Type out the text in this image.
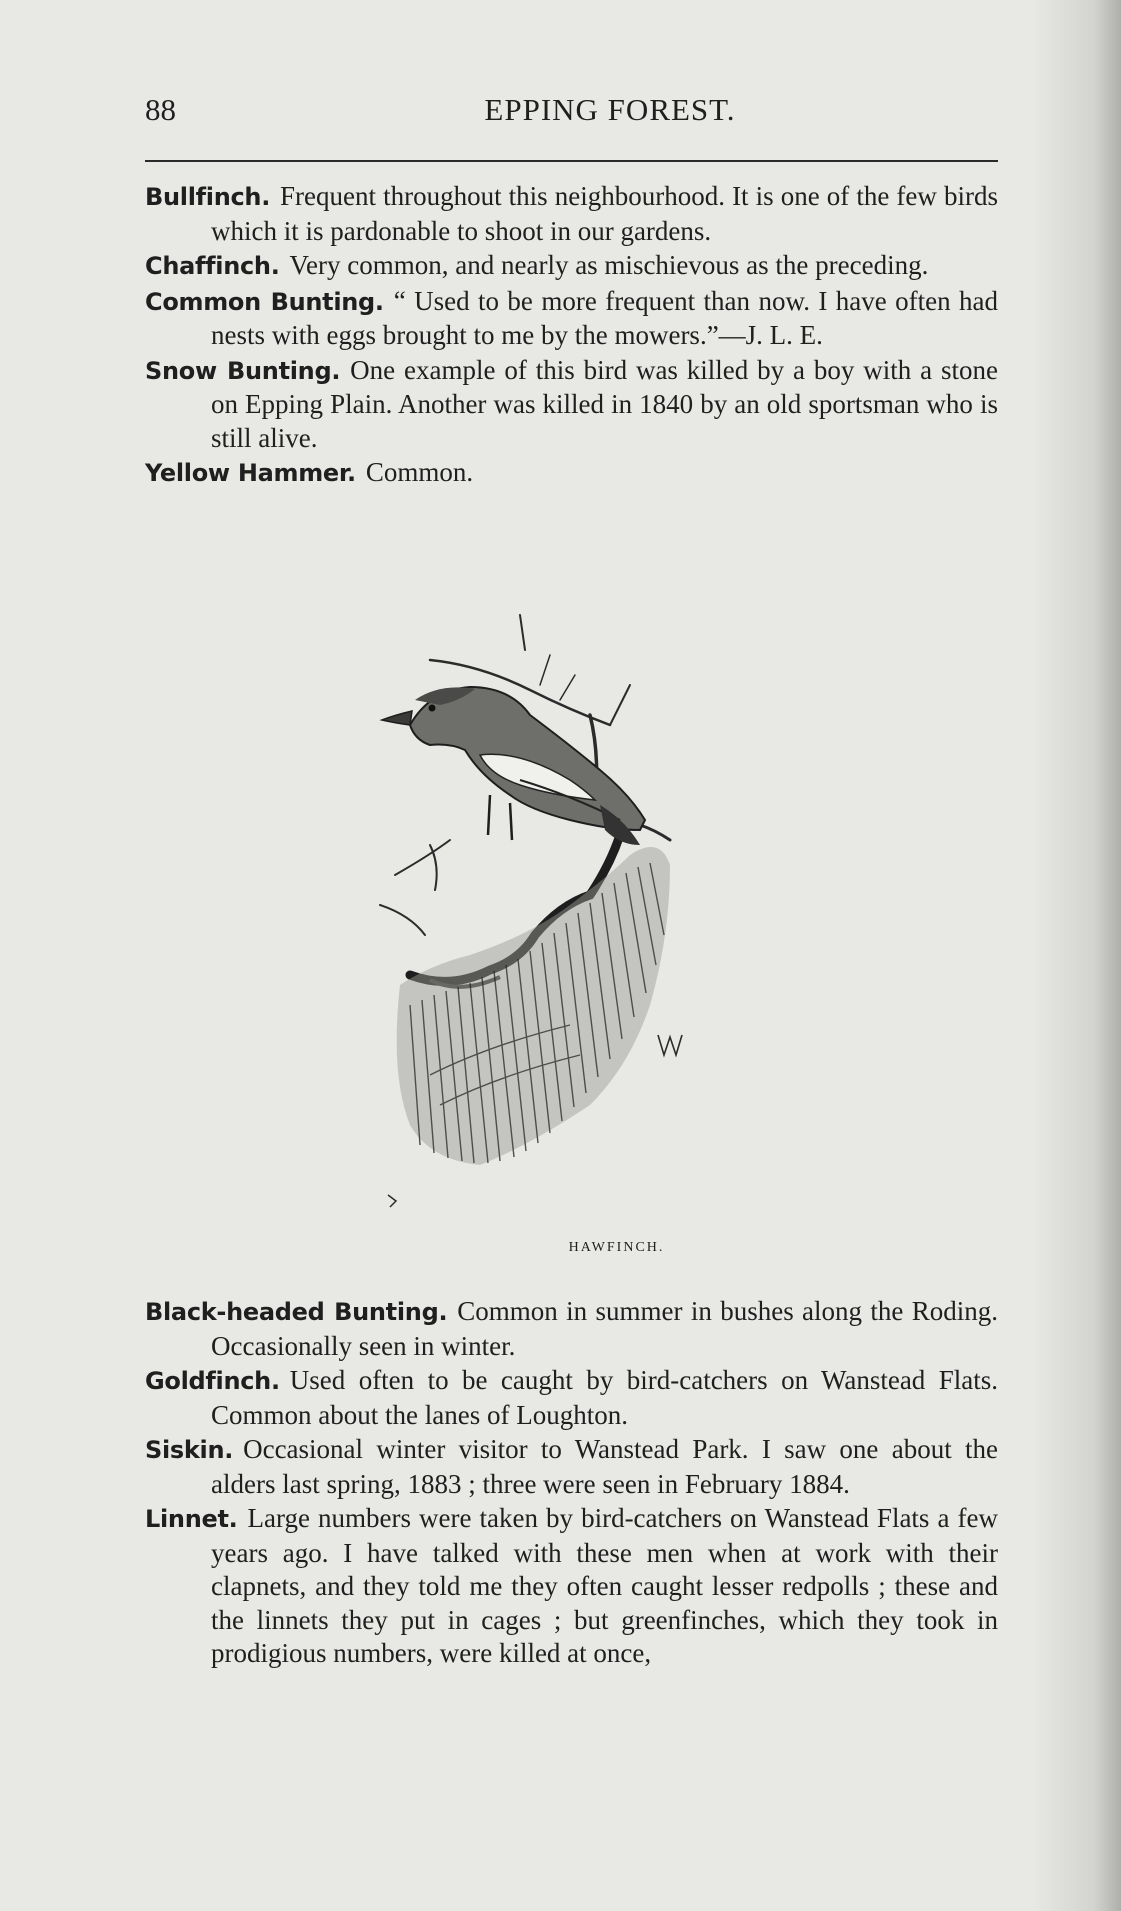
88	EPPING FOREST.

Bullfinch. Frequent throughout this neighbourhood. It is one of the few birds which it is pardonable to shoot in our gardens.

Chaffinch. Very common, and nearly as mischievous as the preceding.

Common Bunting. “ Used to be more frequent than now. I have often had nests with eggs brought to me by the mowers.”—J. L. E.

Snow Bunting. One example of this bird was killed by a boy with a stone on Epping Plain. Another was killed in 1840 by an old sportsman who is still alive.

Yellow Hammer. Common.

HAWFINCH.

Black-headed Bunting. Common in summer in bushes along the Roding. Occasionally seen in winter.

Goldfinch. Used often to be caught by bird-catchers on Wanstead Flats. Common about the lanes of Loughton.

Siskin. Occasional winter visitor to Wanstead Park. I saw one about the alders last spring, 1883 ; three were seen in February 1884.

Linnet. Large numbers were taken by bird-catchers on Wanstead Flats a few years ago. I have talked with these men when at work with their clapnets, and they told me they often caught lesser redpolls ; these and the linnets they put in cages ; but greenfinches, which they took in prodigious numbers, were killed at once,
